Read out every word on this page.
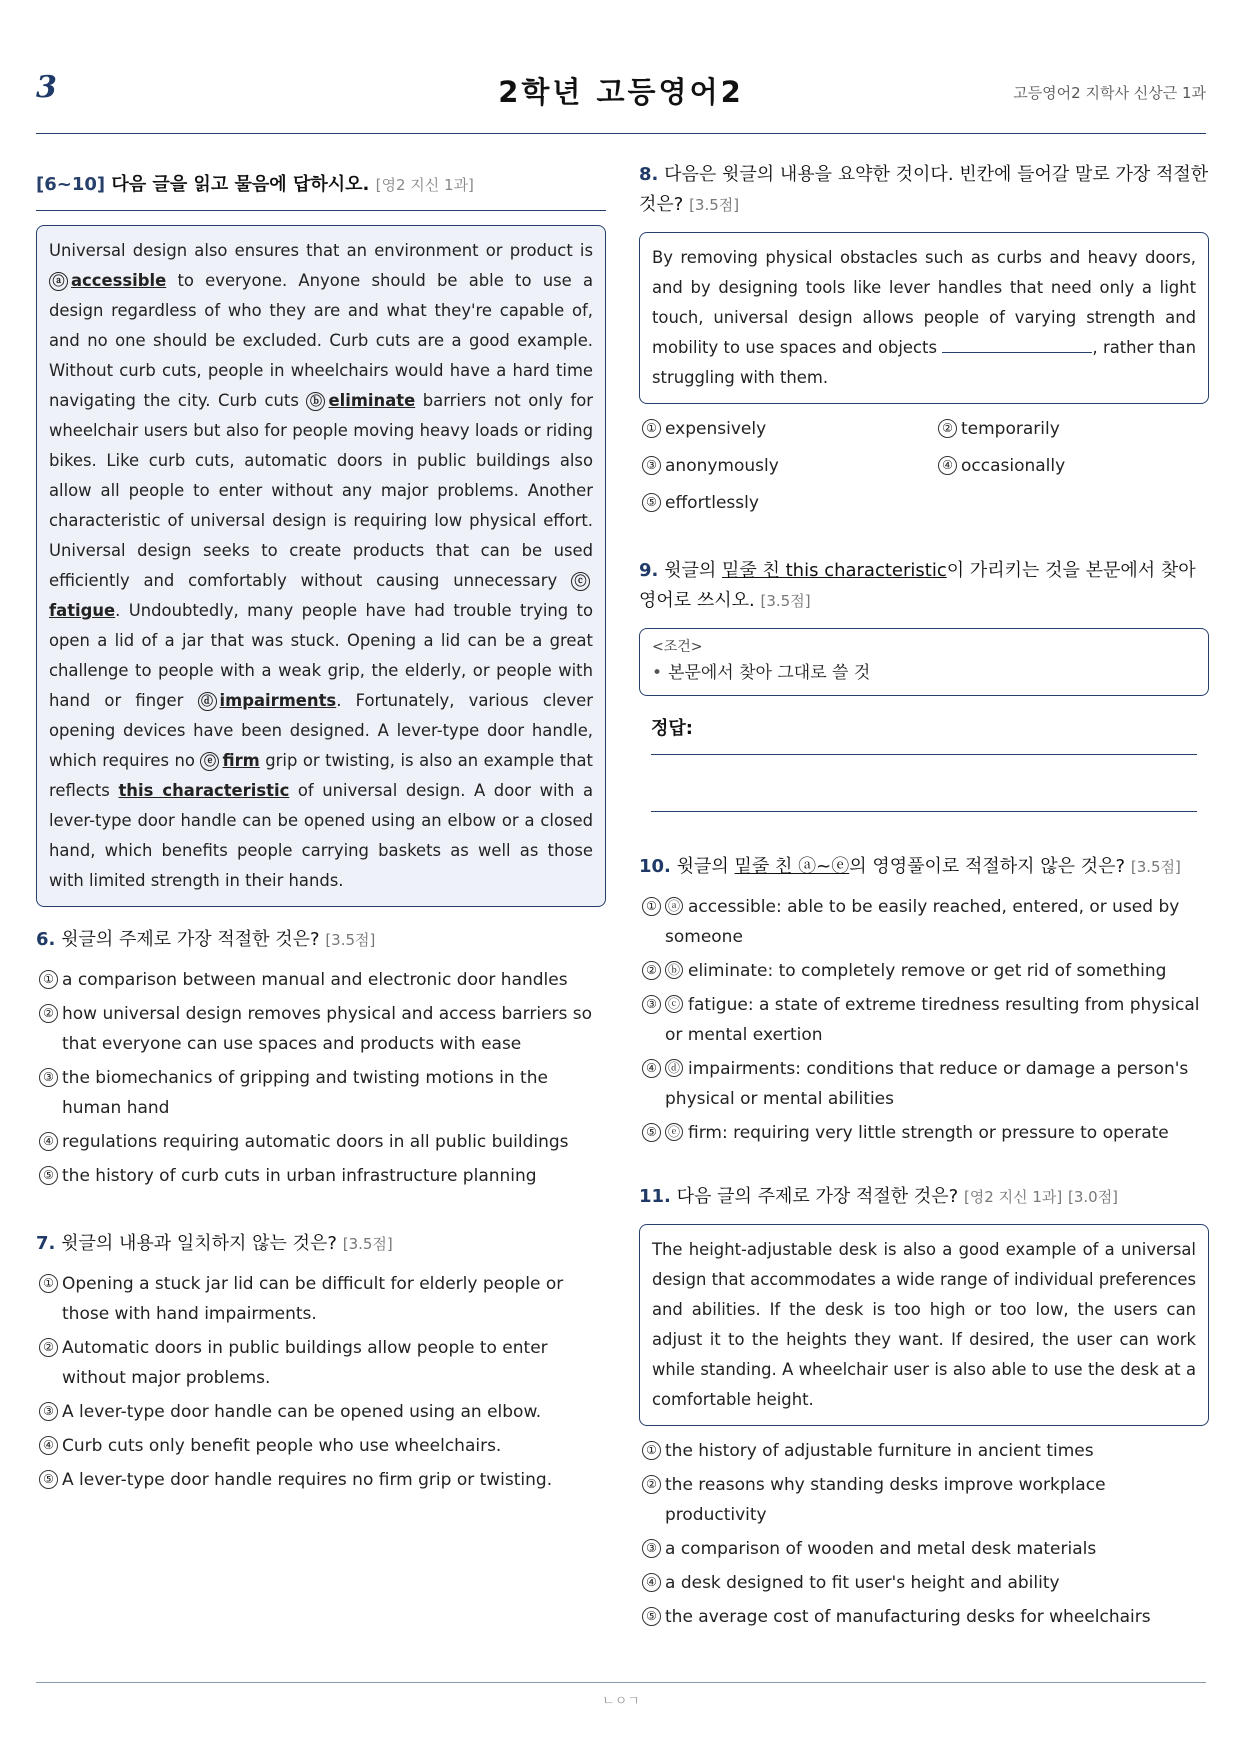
3	2학년 고등영어2	고등영어2 지학사 신상근 1과
[6~10] 다음 글을 읽고 물음에 답하시오. [영2 지신 1과]
Universal design also ensures that an environment or product is ⓐ accessible to everyone. Anyone should be able to use a design regardless of who they are and what they're capable of, and no one should be excluded. Curb cuts are a good example. Without curb cuts, people in wheelchairs would have a hard time navigating the city. Curb cuts ⓑ eliminate barriers not only for wheelchair users but also for people moving heavy loads or riding bikes. Like curb cuts, automatic doors in public buildings also allow all people to enter without any major problems. Another characteristic of universal design is requiring low physical effort. Universal design seeks to create products that can be used efficiently and comfortably without causing unnecessary ⓒfatigue. Undoubtedly, many people have had trouble trying to open a lid of a jar that was stuck. Opening a lid can be a great challenge to people with a weak grip, the elderly, or people with hand or finger ⓓ impairments. Fortunately, various clever opening devices have been designed. A lever-type door handle, which requires no ⓔ firm grip or twisting, is also an example that reflects this characteristic of universal design. A door with a lever-type door handle can be opened using an elbow or a closed hand, which benefits people carrying baskets as well as those with limited strength in their hands.
6. 윗글의 주제로 가장 적절한 것은? [3.5점]
① a comparison between manual and electronic door handles
② how universal design removes physical and access barriers so that everyone can use spaces and products with ease
③ the biomechanics of gripping and twisting motions in the human hand
④ regulations requiring automatic doors in all public buildings
⑤ the history of curb cuts in urban infrastructure planning
7. 윗글의 내용과 일치하지 않는 것은? [3.5점]
① Opening a stuck jar lid can be difficult for elderly people or those with hand impairments.
② Automatic doors in public buildings allow people to enter without major problems.
③ A lever-type door handle can be opened using an elbow.
④ Curb cuts only benefit people who use wheelchairs.
⑤ A lever-type door handle requires no firm grip or twisting.
8. 다음은 윗글의 내용을 요약한 것이다. 빈칸에 들어갈 말로 가장 적절한 것은? [3.5점]
By removing physical obstacles such as curbs and heavy doors, and by designing tools like lever handles that need only a light touch, universal design allows people of varying strength and mobility to use spaces and objects	, rather than struggling with them.
① expensively	② temporarily
③ anonymously	④ occasionally
⑤ effortlessly
9. 윗글의 밑줄 친 this characteristic이 가리키는 것을 본문에서 찾아 영어로 쓰시오. [3.5점]
<조건>
• 본문에서 찾아 그대로 쓸 것
정답:
10. 윗글의 밑줄 친 ⓐ~ⓔ의 영영풀이로 적절하지 않은 것은? [3.5점]
① ⓐ accessible: able to be easily reached, entered, or used by someone
② ⓑ eliminate: to completely remove or get rid of something
③ ⓒ fatigue: a state of extreme tiredness resulting from physical or mental exertion
④ ⓓ impairments: conditions that reduce or damage a person's physical or mental abilities
⑤ ⓔ firm: requiring very little strength or pressure to operate
11. 다음 글의 주제로 가장 적절한 것은? [영2 지신 1과] [3.0점]
The height-adjustable desk is also a good example of a universal design that accommodates a wide range of individual preferences and abilities. If the desk is too high or too low, the users can adjust it to the heights they want. If desired, the user can work while standing. A wheelchair user is also able to use the desk at a comfortable height.
① the history of adjustable furniture in ancient times
② the reasons why standing desks improve workplace productivity
③ a comparison of wooden and metal desk materials
④ a desk designed to fit user's height and ability
⑤ the average cost of manufacturing desks for wheelchairs
ㄴㅇㄱ
